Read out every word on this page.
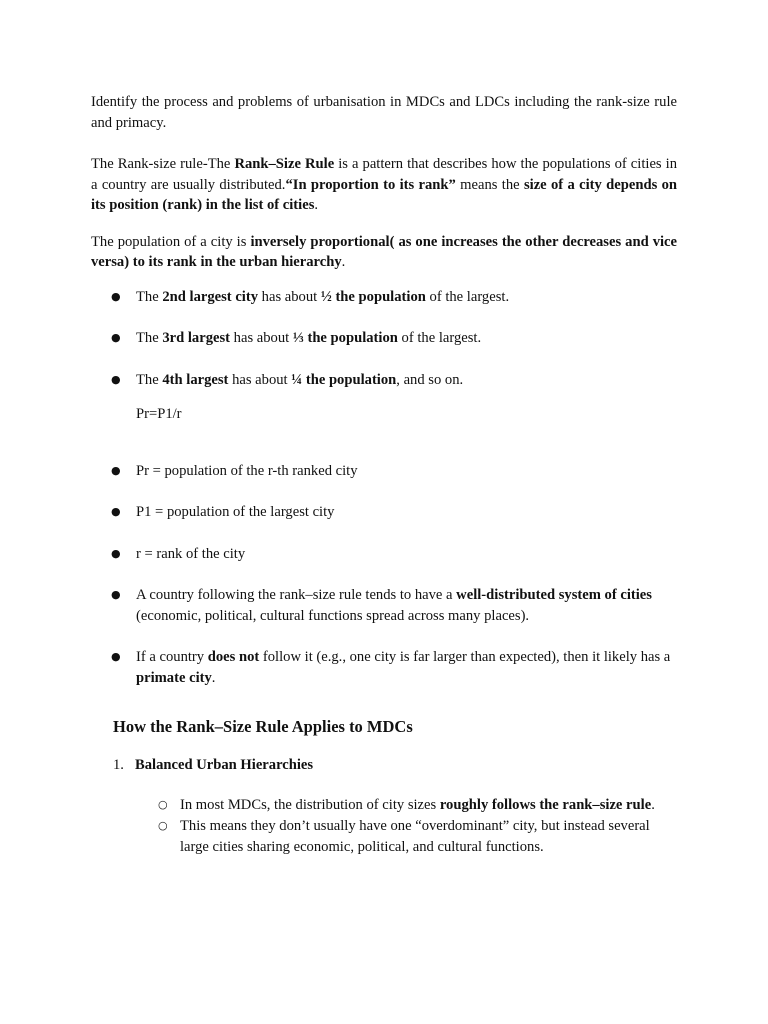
Identify the process and problems of urbanisation in MDCs and LDCs including the rank-size rule and primacy.

The Rank-size rule-The Rank–Size Rule is a pattern that describes how the populations of cities in a country are usually distributed.“In proportion to its rank” means the size of a city depends on its position (rank) in the list of cities.

The population of a city is inversely proportional( as one increases the other decreases and vice versa) to its rank in the urban hierarchy.

● The 2nd largest city has about ½ the population of the largest.
● The 3rd largest has about ⅓ the population of the largest.
● The 4th largest has about ¼ the population, and so on.
Pr=P1/r
● Pr = population of the r-th ranked city
● P1 = population of the largest city
● r = rank of the city
● A country following the rank–size rule tends to have a well-distributed system of cities (economic, political, cultural functions spread across many places).
● If a country does not follow it (e.g., one city is far larger than expected), then it likely has a primate city.
How the Rank–Size Rule Applies to MDCs
1. Balanced Urban Hierarchies
○ In most MDCs, the distribution of city sizes roughly follows the rank–size rule.
○ This means they don’t usually have one “overdominant” city, but instead several large cities sharing economic, political, and cultural functions.
